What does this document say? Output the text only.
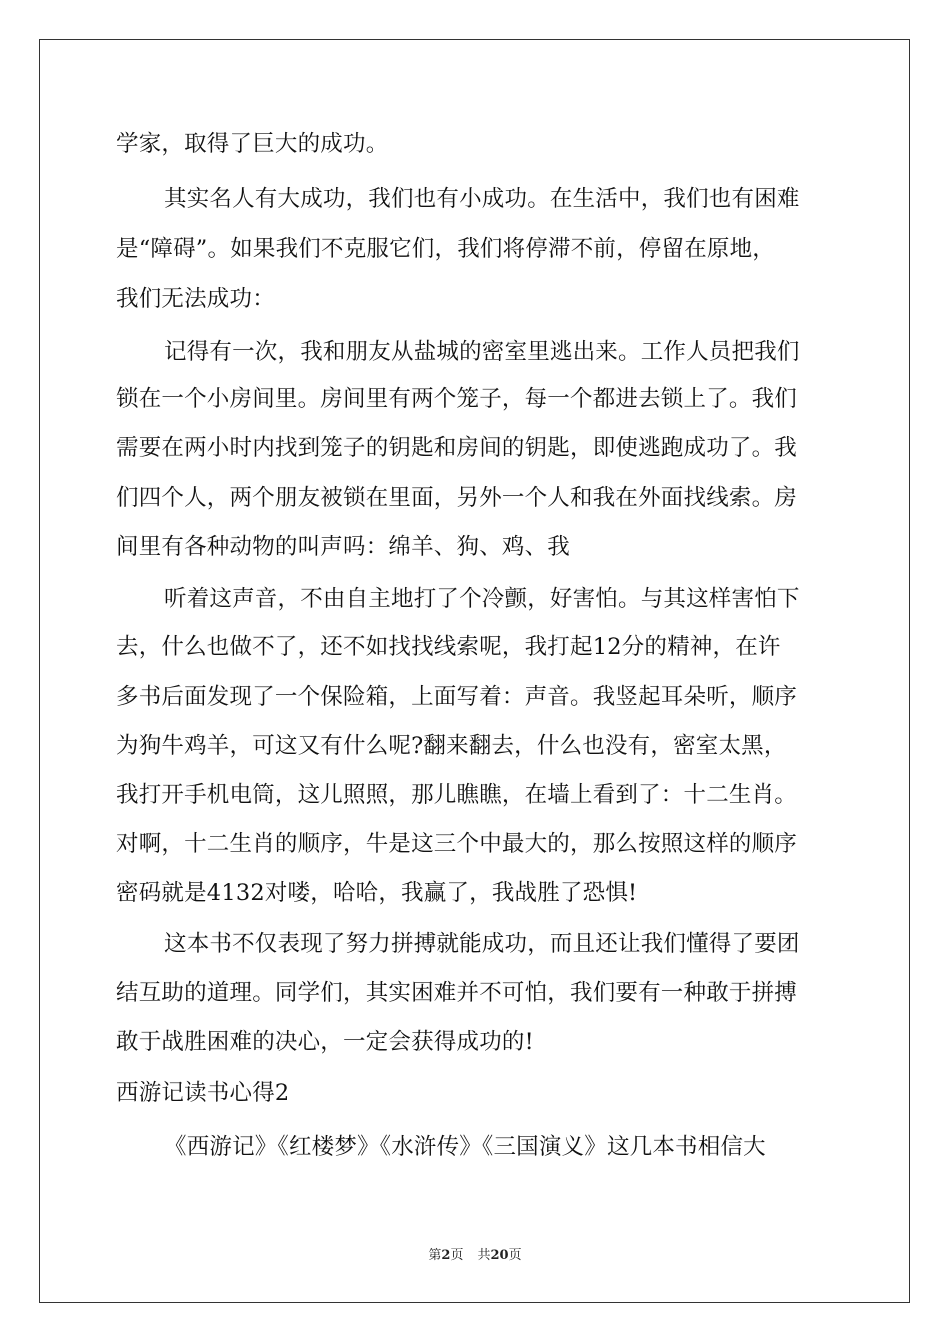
学家，取得了巨大的成功。
其实名人有大成功，我们也有小成功。在生活中，我们也有困难
是“障碍”。如果我们不克服它们，我们将停滞不前，停留在原地，
我们无法成功：
记得有一次，我和朋友从盐城的密室里逃出来。工作人员把我们
锁在一个小房间里。房间里有两个笼子，每一个都进去锁上了。我们
需要在两小时内找到笼子的钥匙和房间的钥匙，即使逃跑成功了。我
们四个人，两个朋友被锁在里面，另外一个人和我在外面找线索。房
间里有各种动物的叫声吗：绵羊、狗、鸡、我
听着这声音，不由自主地打了个冷颤，好害怕。与其这样害怕下
去，什么也做不了，还不如找找线索呢，我打起12分的精神，在许
多书后面发现了一个保险箱，上面写着：声音。我竖起耳朵听，顺序
为狗牛鸡羊，可这又有什么呢?翻来翻去，什么也没有，密室太黑，
我打开手机电筒，这儿照照，那儿瞧瞧，在墙上看到了：十二生肖。
对啊，十二生肖的顺序，牛是这三个中最大的，那么按照这样的顺序
密码就是4132对喽，哈哈，我赢了，我战胜了恐惧!
这本书不仅表现了努力拼搏就能成功，而且还让我们懂得了要团
结互助的道理。同学们，其实困难并不可怕，我们要有一种敢于拼搏
敢于战胜困难的决心，一定会获得成功的!
西游记读书心得2
《西游记》《红楼梦》《水浒传》《三国演义》这几本书相信大
第2页 共20页
